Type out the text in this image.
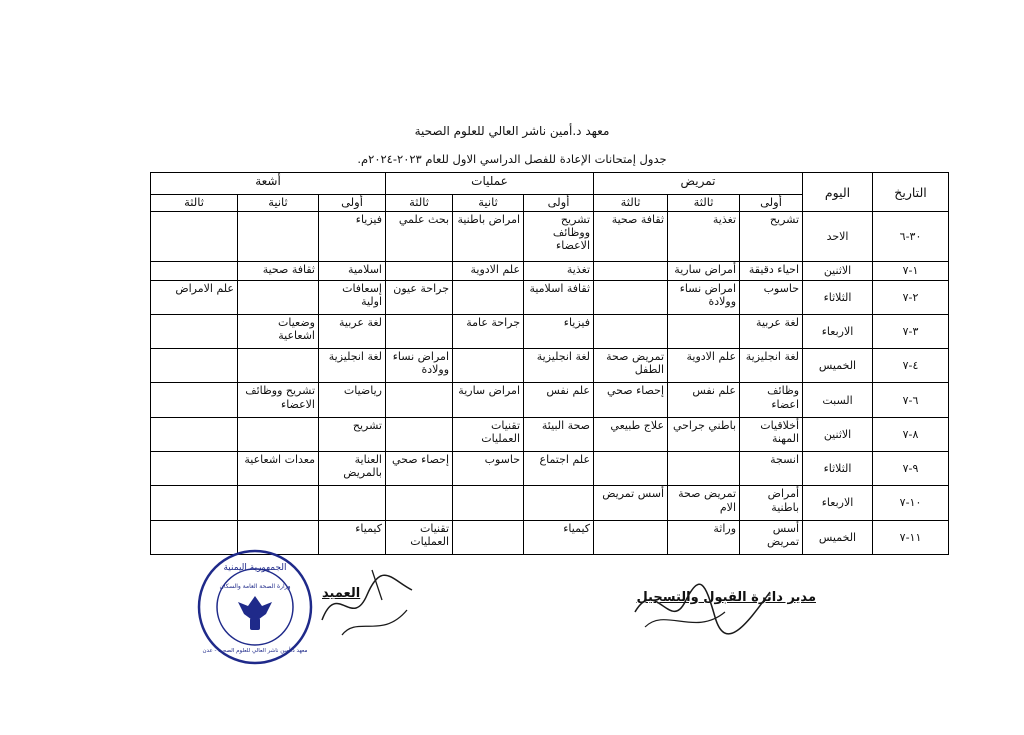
معهد د.أمين ناشر العالي للعلوم الصحية
جدول إمتحانات الإعادة للفصل الدراسي الاول للعام ٢٠٢٣-٢٠٢٤م.
التاريخ	اليوم	تمريض			عمليات			أشعة		
		أولى	ثالثة	ثالثة	أولى	ثانية	ثالثة	أولى	ثانية	ثالثة
٣٠-٦	الاحد	تشريح	تغذية	ثقافة صحية	تشريح ووظائف الاعضاء	امراض باطنية	بحث علمي	فيزياء		
١-٧	الاثنين	احياء دقيقة	أمراض سارية		تغذية	علم الادوية		اسلامية	ثقافة صحية	
٢-٧	الثلاثاء	حاسوب	امراض نساء وولادة		ثقافة اسلامية		جراحة عيون	إسعافات اولية		علم الامراض
٣-٧	الاربعاء	لغة عربية			فيزياء	جراحة عامة		لغة عربية	وضعيات اشعاعية	
٤-٧	الخميس	لغة انجليزية	علم الادوية	تمريض صحة الطفل	لغة انجليزية		امراض نساء وولادة	لغة انجليزية		
٦-٧	السبت	وظائف اعضاء	علم نفس	إحصاء صحي	علم نفس	امراض سارية		رياضيات	تشريح ووظائف الاعضاء	
٨-٧	الاثنين	أخلاقيات المهنة	باطني جراحي	علاج طبيعي	صحة البيئة	تقنيات العمليات		تشريح		
٩-٧	الثلاثاء	انسجة			علم اجتماع	حاسوب	إحصاء صحي	العناية بالمريض	معدات اشعاعية	
١٠-٧	الاربعاء	أمراض باطنية	تمريض صحة الام	أسس تمريض						
١١-٧	الخميس	أسس تمريض	وراثة		كيمياء		تقنيات العمليات	كيمياء		
مدير دائرة القبول والتسجيل
العميد
الجمهورية اليمنية
وزارة الصحة العامة والسكان
معهد د.أمين ناشر العالي للعلوم الصحية - عدن
